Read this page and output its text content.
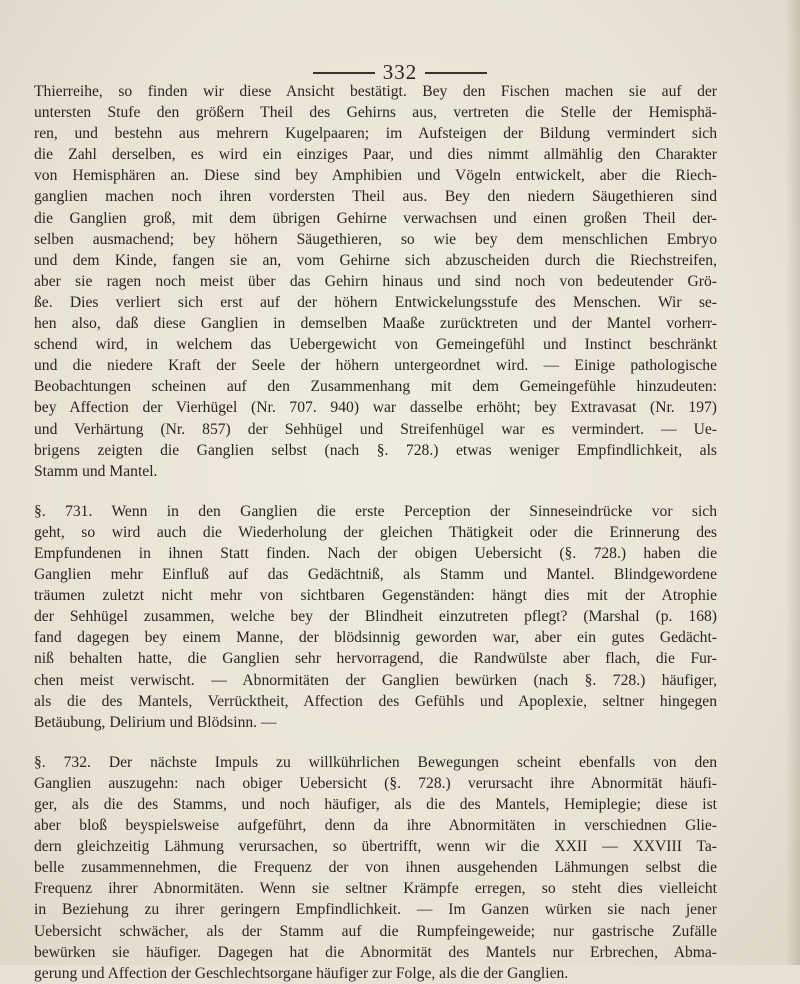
332
Thierreihe, so finden wir diese Ansicht bestätigt. Bey den Fischen machen sie auf der
untersten Stufe den größern Theil des Gehirns aus, vertreten die Stelle der Hemisphä-
ren, und bestehn aus mehrern Kugelpaaren; im Aufsteigen der Bildung vermindert sich
die Zahl derselben, es wird ein einziges Paar, und dies nimmt allmählig den Charakter
von Hemisphären an. Diese sind bey Amphibien und Vögeln entwickelt, aber die Riech-
ganglien machen noch ihren vordersten Theil aus. Bey den niedern Säugethieren sind
die Ganglien groß, mit dem übrigen Gehirne verwachsen und einen großen Theil der-
selben ausmachend; bey höhern Säugethieren, so wie bey dem menschlichen Embryo
und dem Kinde, fangen sie an, vom Gehirne sich abzuscheiden durch die Riechstreifen,
aber sie ragen noch meist über das Gehirn hinaus und sind noch von bedeutender Grö-
ße. Dies verliert sich erst auf der höhern Entwickelungsstufe des Menschen. Wir se-
hen also, daß diese Ganglien in demselben Maaße zurücktreten und der Mantel vorherr-
schend wird, in welchem das Uebergewicht von Gemeingefühl und Instinct beschränkt
und die niedere Kraft der Seele der höhern untergeordnet wird. — Einige pathologische
Beobachtungen scheinen auf den Zusammenhang mit dem Gemeingefühle hinzudeuten:
bey Affection der Vierhügel (Nr. 707. 940) war dasselbe erhöht; bey Extravasat (Nr. 197)
und Verhärtung (Nr. 857) der Sehhügel und Streifenhügel war es vermindert. — Ue-
brigens zeigten die Ganglien selbst (nach §. 728.) etwas weniger Empfindlichkeit, als
Stamm und Mantel.
§. 731. Wenn in den Ganglien die erste Perception der Sinneseindrücke vor sich
geht, so wird auch die Wiederholung der gleichen Thätigkeit oder die Erinnerung des
Empfundenen in ihnen Statt finden. Nach der obigen Uebersicht (§. 728.) haben die
Ganglien mehr Einfluß auf das Gedächtniß, als Stamm und Mantel. Blindgewordene
träumen zuletzt nicht mehr von sichtbaren Gegenständen: hängt dies mit der Atrophie
der Sehhügel zusammen, welche bey der Blindheit einzutreten pflegt? (Marshal (p. 168)
fand dagegen bey einem Manne, der blödsinnig geworden war, aber ein gutes Gedächt-
niß behalten hatte, die Ganglien sehr hervorragend, die Randwülste aber flach, die Fur-
chen meist verwischt. — Abnormitäten der Ganglien bewürken (nach §. 728.) häufiger,
als die des Mantels, Verrücktheit, Affection des Gefühls und Apoplexie, seltner hingegen
Betäubung, Delirium und Blödsinn. —
§. 732. Der nächste Impuls zu willkührlichen Bewegungen scheint ebenfalls von den
Ganglien auszugehn: nach obiger Uebersicht (§. 728.) verursacht ihre Abnormität häufi-
ger, als die des Stamms, und noch häufiger, als die des Mantels, Hemiplegie; diese ist
aber bloß beyspielsweise aufgeführt, denn da ihre Abnormitäten in verschiednen Glie-
dern gleichzeitig Lähmung verursachen, so übertrifft, wenn wir die XXII — XXVIII Ta-
belle zusammennehmen, die Frequenz der von ihnen ausgehenden Lähmungen selbst die
Frequenz ihrer Abnormitäten. Wenn sie seltner Krämpfe erregen, so steht dies vielleicht
in Beziehung zu ihrer geringern Empfindlichkeit. — Im Ganzen würken sie nach jener
Uebersicht schwächer, als der Stamm auf die Rumpfeingeweide; nur gastrische Zufälle
bewürken sie häufiger. Dagegen hat die Abnormität des Mantels nur Erbrechen, Abma-
gerung und Affection der Geschlechtsorgane häufiger zur Folge, als die der Ganglien.
